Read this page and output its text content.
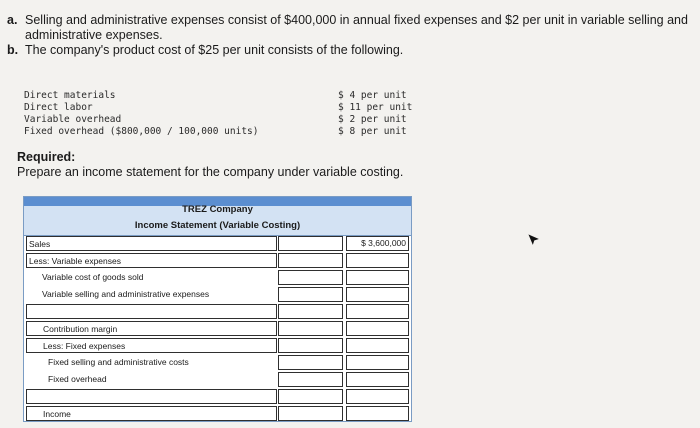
a. Selling and administrative expenses consist of $400,000 in annual fixed expenses and $2 per unit in variable selling and administrative expenses.

b. The company's product cost of $25 per unit consists of the following.

Direct materials	$ 4 per unit
Direct labor	$ 11 per unit
Variable overhead	$ 2 per unit
Fixed overhead ($800,000 / 100,000 units)	$ 8 per unit
Required:
Prepare an income statement for the company under variable costing.
TREZ Company
Income Statement (Variable Costing)
Sales	$ 3,600,000
Less: Variable expenses
Variable cost of goods sold
Variable selling and administrative expenses
Contribution margin
Less: Fixed expenses
Fixed selling and administrative costs
Fixed overhead
Income
